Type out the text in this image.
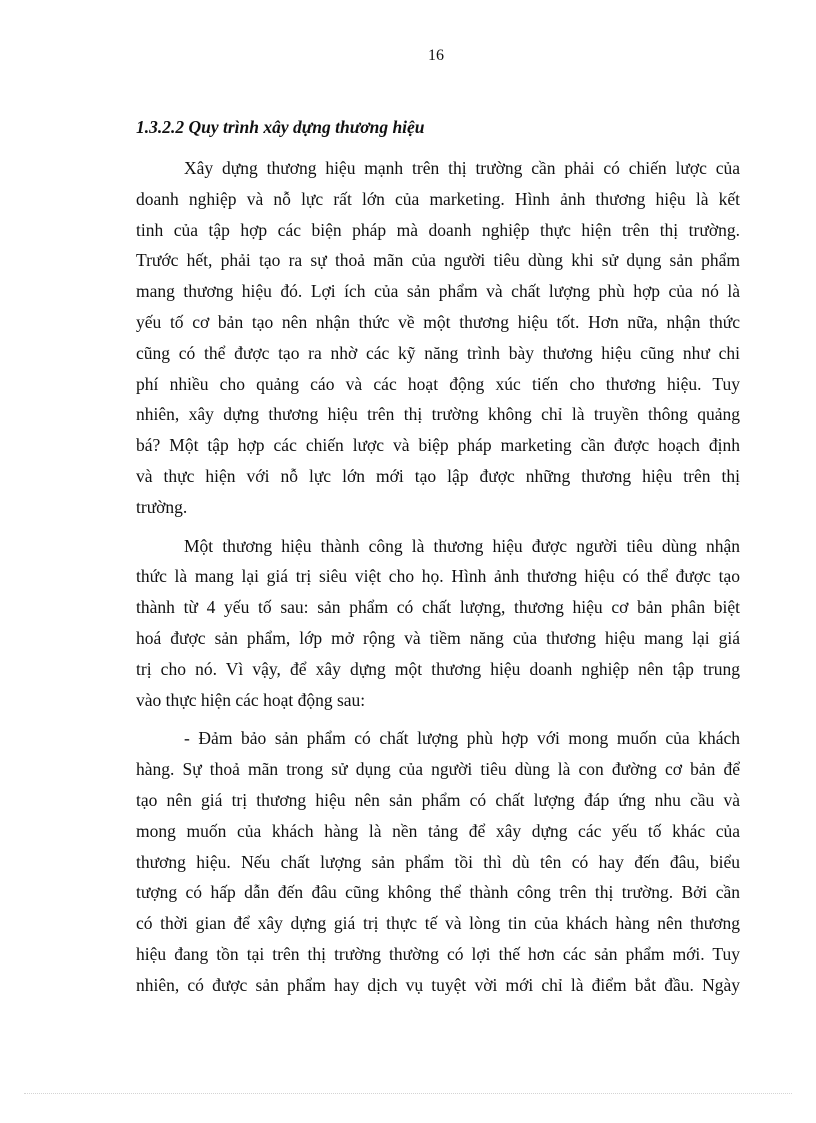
16
1.3.2.2 Quy trình xây dựng thương hiệu
Xây dựng thương hiệu mạnh trên thị trường cần phải có chiến lược của
doanh nghiệp và nỗ lực rất lớn của marketing. Hình ảnh thương hiệu là kết
tinh của tập hợp các biện pháp mà doanh nghiệp thực hiện trên thị trường.
Trước hết, phải tạo ra sự thoả mãn của người tiêu dùng khi sử dụng sản phẩm
mang thương hiệu đó. Lợi ích của sản phẩm và chất lượng phù hợp của nó là
yếu tố cơ bản tạo nên nhận thức về một thương hiệu tốt. Hơn nữa, nhận thức
cũng có thể được tạo ra nhờ các kỹ năng trình bày thương hiệu cũng như chi
phí nhiều cho quảng cáo và các hoạt động xúc tiến cho thương hiệu. Tuy
nhiên, xây dựng thương hiệu trên thị trường không chỉ là truyền thông quảng
bá? Một tập hợp các chiến lược và biệp pháp marketing cần được hoạch định
và thực hiện với nỗ lực lớn mới tạo lập được những thương hiệu trên thị
trường.
Một thương hiệu thành công là thương hiệu được người tiêu dùng nhận
thức là mang lại giá trị siêu việt cho họ. Hình ảnh thương hiệu có thể được tạo
thành từ 4 yếu tố sau: sản phẩm có chất lượng, thương hiệu cơ bản phân biệt
hoá được sản phẩm, lớp mở rộng và tiềm năng của thương hiệu mang lại giá
trị cho nó. Vì vậy, để xây dựng một thương hiệu doanh nghiệp nên tập trung
vào thực hiện các hoạt động sau:
- Đảm bảo sản phẩm có chất lượng phù hợp với mong muốn của khách
hàng. Sự thoả mãn trong sử dụng của người tiêu dùng là con đường cơ bản để
tạo nên giá trị thương hiệu nên sản phẩm có chất lượng đáp ứng nhu cầu và
mong muốn của khách hàng là nền tảng để xây dựng các yếu tố khác của
thương hiệu. Nếu chất lượng sản phẩm tồi thì dù tên có hay đến đâu, biểu
tượng có hấp dẫn đến đâu cũng không thể thành công trên thị trường. Bởi cần
có thời gian để xây dựng giá trị thực tế và lòng tin của khách hàng nên thương
hiệu đang tồn tại trên thị trường thường có lợi thế hơn các sản phẩm mới. Tuy
nhiên, có được sản phẩm hay dịch vụ tuyệt vời mới chỉ là điểm bắt đầu. Ngày
